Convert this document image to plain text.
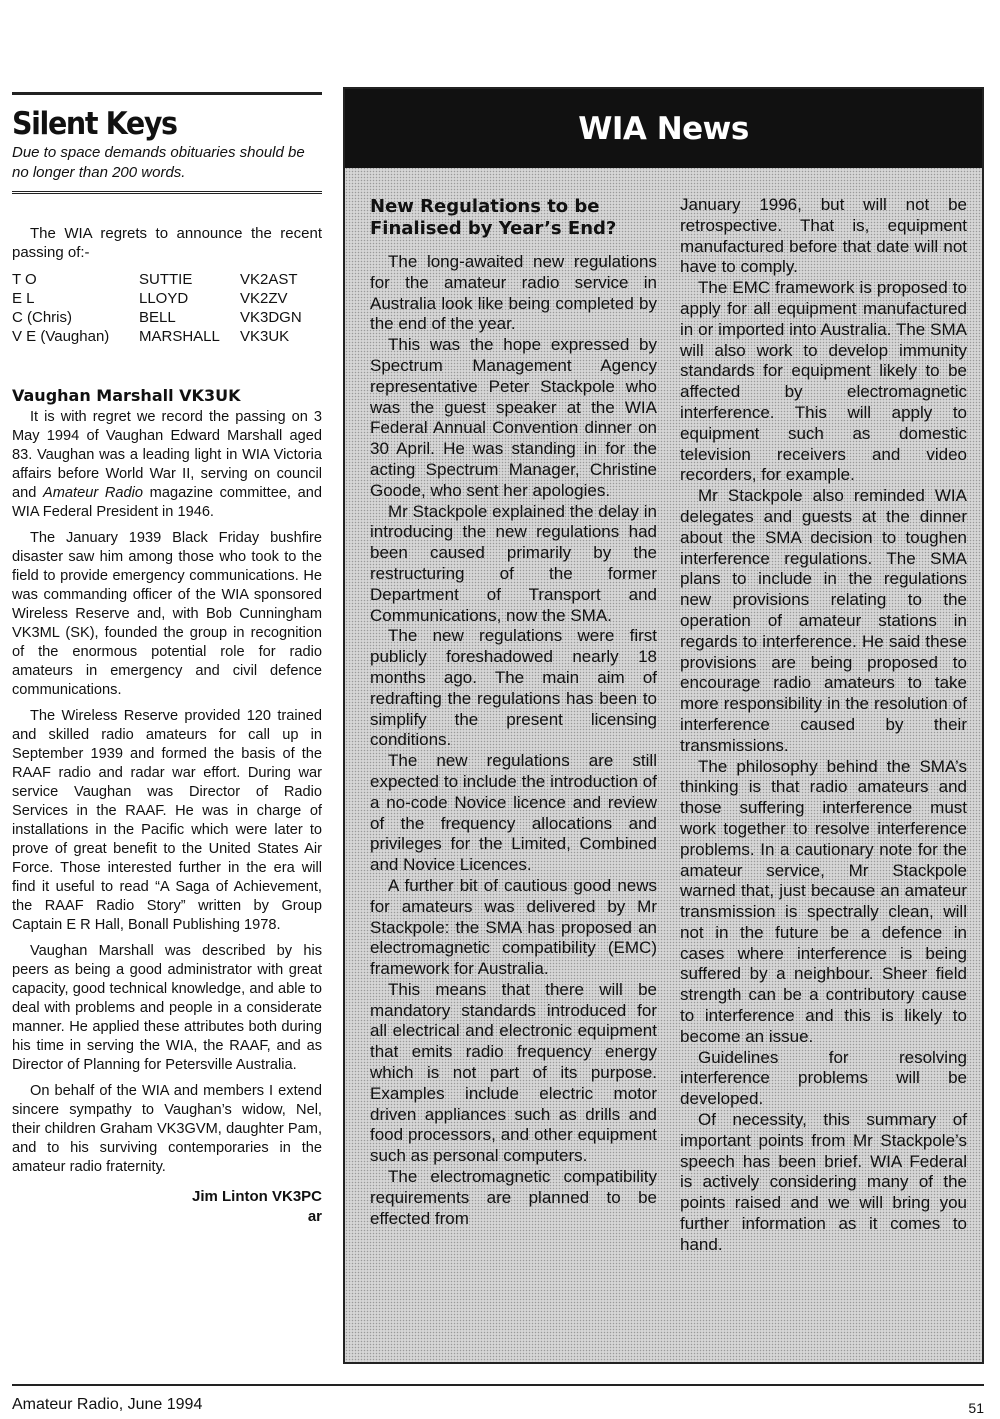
Silent Keys
Due to space demands obituaries should be no longer than 200 words.

The WIA regrets to announce the recent passing of:-

T O	SUTTIE	VK2AST
E L	LLOYD	VK2ZV
C (Chris)	BELL	VK3DGN
V E (Vaughan)	MARSHALL	VK3UK
Vaughan Marshall VK3UK

It is with regret we record the passing on 3 May 1994 of Vaughan Edward Marshall aged 83. Vaughan was a leading light in WIA Victoria affairs before World War II, serving on council and Amateur Radio magazine committee, and WIA Federal President in 1946.

The January 1939 Black Friday bushfire disaster saw him among those who took to the field to provide emergency communications. He was commanding officer of the WIA sponsored Wireless Reserve and, with Bob Cunningham VK3ML (SK), founded the group in recognition of the enormous potential role for radio amateurs in emergency and civil defence communications.

The Wireless Reserve provided 120 trained and skilled radio amateurs for call up in September 1939 and formed the basis of the RAAF radio and radar war effort. During war service Vaughan was Director of Radio Services in the RAAF. He was in charge of installations in the Pacific which were later to prove of great benefit to the United States Air Force. Those interested further in the era will find it useful to read “A Saga of Achievement, the RAAF Radio Story” written by Group Captain E R Hall, Bonall Publishing 1978.

Vaughan Marshall was described by his peers as being a good administrator with great capacity, good technical knowledge, and able to deal with problems and people in a considerate manner. He applied these attributes both during his time in serving the WIA, the RAAF, and as Director of Planning for Petersville Australia.

On behalf of the WIA and members I extend sincere sympathy to Vaughan’s widow, Nel, their children Graham VK3GVM, daughter Pam, and to his surviving contemporaries in the amateur radio fraternity.

Jim Linton VK3PC
ar
WIA News
New Regulations to be Finalised by Year’s End?

The long-awaited new regulations for the amateur radio service in Australia look like being completed by the end of the year.

This was the hope expressed by Spectrum Management Agency representative Peter Stackpole who was the guest speaker at the WIA Federal Annual Convention dinner on 30 April. He was standing in for the acting Spectrum Manager, Christine Goode, who sent her apologies.

Mr Stackpole explained the delay in introducing the new regulations had been caused primarily by the restructuring of the former Department of Transport and Communications, now the SMA.

The new regulations were first publicly foreshadowed nearly 18 months ago. The main aim of redrafting the regulations has been to simplify the present licensing conditions.

The new regulations are still expected to include the introduction of a no-code Novice licence and review of the frequency allocations and privileges for the Limited, Combined and Novice Licences.

A further bit of cautious good news for amateurs was delivered by Mr Stackpole: the SMA has proposed an electromagnetic compatibility (EMC) framework for Australia.

This means that there will be mandatory standards introduced for all electrical and electronic equipment that emits radio frequency energy which is not part of its purpose. Examples include electric motor driven appliances such as drills and food processors, and other equipment such as personal computers.

The electromagnetic compatibility requirements are planned to be effected from

January 1996, but will not be retrospective. That is, equipment manufactured before that date will not have to comply.

The EMC framework is proposed to apply for all equipment manufactured in or imported into Australia. The SMA will also work to develop immunity standards for equipment likely to be affected by electromagnetic interference. This will apply to equipment such as domestic television receivers and video recorders, for example.

Mr Stackpole also reminded WIA delegates and guests at the dinner about the SMA decision to toughen interference regulations. The SMA plans to include in the regulations new provisions relating to the operation of amateur stations in regards to interference. He said these provisions are being proposed to encourage radio amateurs to take more responsibility in the resolution of interference caused by their transmissions.

The philosophy behind the SMA’s thinking is that radio amateurs and those suffering interference must work together to resolve interference problems. In a cautionary note for the amateur service, Mr Stackpole warned that, just because an amateur transmission is spectrally clean, will not in the future be a defence in cases where interference is being suffered by a neighbour. Sheer field strength can be a contributory cause to interference and this is likely to become an issue.

Guidelines for resolving interference problems will be developed.

Of necessity, this summary of important points from Mr Stackpole’s speech has been brief. WIA Federal is actively considering many of the points raised and we will bring you further information as it comes to hand.

Amateur Radio, June 1994	51
